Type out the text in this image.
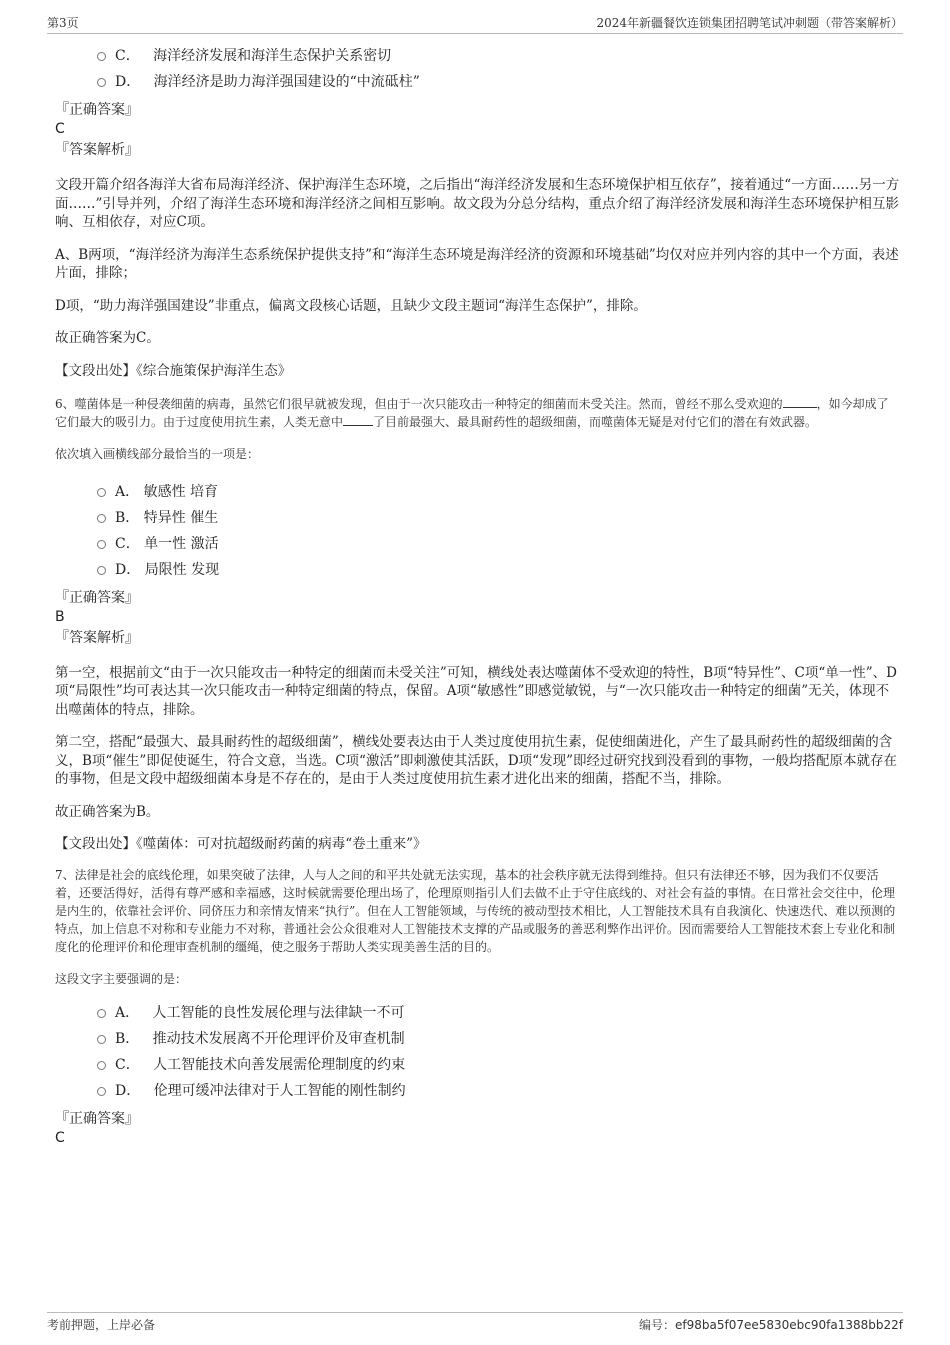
第3页	2024年新疆餐饮连锁集团招聘笔试冲刺题（带答案解析）
C． 海洋经济发展和海洋生态保护关系密切
D． 海洋经济是助力海洋强国建设的“中流砥柱”
『正确答案』
C
『答案解析』
文段开篇介绍各海洋大省布局海洋经济、保护海洋生态环境，之后指出“海洋经济发展和生态环境保护相互依存”，接着通过“一方面……另一方面……”引导并列，介绍了海洋生态环境和海洋经济之间相互影响。故文段为分总分结构，重点介绍了海洋经济发展和海洋生态环境保护相互影响、互相依存，对应C项。
A、B两项，“海洋经济为海洋生态系统保护提供支持”和“海洋生态环境是海洋经济的资源和环境基础”均仅对应并列内容的其中一个方面，表述片面，排除；
D项，“助力海洋强国建设”非重点，偏离文段核心话题，且缺少文段主题词“海洋生态保护”，排除。
故正确答案为C。
【文段出处】《综合施策保护海洋生态》
6、噬菌体是一种侵袭细菌的病毒，虽然它们很早就被发现，但由于一次只能攻击一种特定的细菌而未受关注。然而，曾经不那么受欢迎的	，如今却成了它们最大的吸引力。由于过度使用抗生素，人类无意中	了目前最强大、最具耐药性的超级细菌，而噬菌体无疑是对付它们的潜在有效武器。
依次填入画横线部分最恰当的一项是：
A． 敏感性 培育
B． 特异性 催生
C． 单一性 激活
D． 局限性 发现
『正确答案』
B
『答案解析』
第一空，根据前文“由于一次只能攻击一种特定的细菌而未受关注”可知，横线处表达噬菌体不受欢迎的特性，B项“特异性”、C项“单一性”、D项“局限性”均可表达其一次只能攻击一种特定细菌的特点，保留。A项“敏感性”即感觉敏锐，与“一次只能攻击一种特定的细菌”无关，体现不出噬菌体的特点，排除。
第二空，搭配“最强大、最具耐药性的超级细菌”，横线处要表达由于人类过度使用抗生素，促使细菌进化，产生了最具耐药性的超级细菌的含义，B项“催生”即促使诞生，符合文意，当选。C项“激活”即刺激使其活跃，D项“发现”即经过研究找到没看到的事物，一般均搭配原本就存在的事物，但是文段中超级细菌本身是不存在的，是由于人类过度使用抗生素才进化出来的细菌，搭配不当，排除。
故正确答案为B。
【文段出处】《噬菌体：可对抗超级耐药菌的病毒“卷土重来”》
7、法律是社会的底线伦理，如果突破了法律，人与人之间的和平共处就无法实现，基本的社会秩序就无法得到维持。但只有法律还不够，因为我们不仅要活着，还要活得好，活得有尊严感和幸福感，这时候就需要伦理出场了，伦理原则指引人们去做不止于守住底线的、对社会有益的事情。在日常社会交往中，伦理是内生的，依靠社会评价、同侪压力和亲情友情来“执行”。但在人工智能领域，与传统的被动型技术相比，人工智能技术具有自我演化、快速迭代、难以预测的特点，加上信息不对称和专业能力不对称，普通社会公众很难对人工智能技术支撑的产品或服务的善恶利弊作出评价。因而需要给人工智能技术套上专业化和制度化的伦理评价和伦理审查机制的缰绳，使之服务于帮助人类实现美善生活的目的。
这段文字主要强调的是：
A． 人工智能的良性发展伦理与法律缺一不可
B． 推动技术发展离不开伦理评价及审查机制
C． 人工智能技术向善发展需伦理制度的约束
D． 伦理可缓冲法律对于人工智能的刚性制约
『正确答案』
C
考前押题，上岸必备	编号：ef98ba5f07ee5830ebc90fa1388bb22f
